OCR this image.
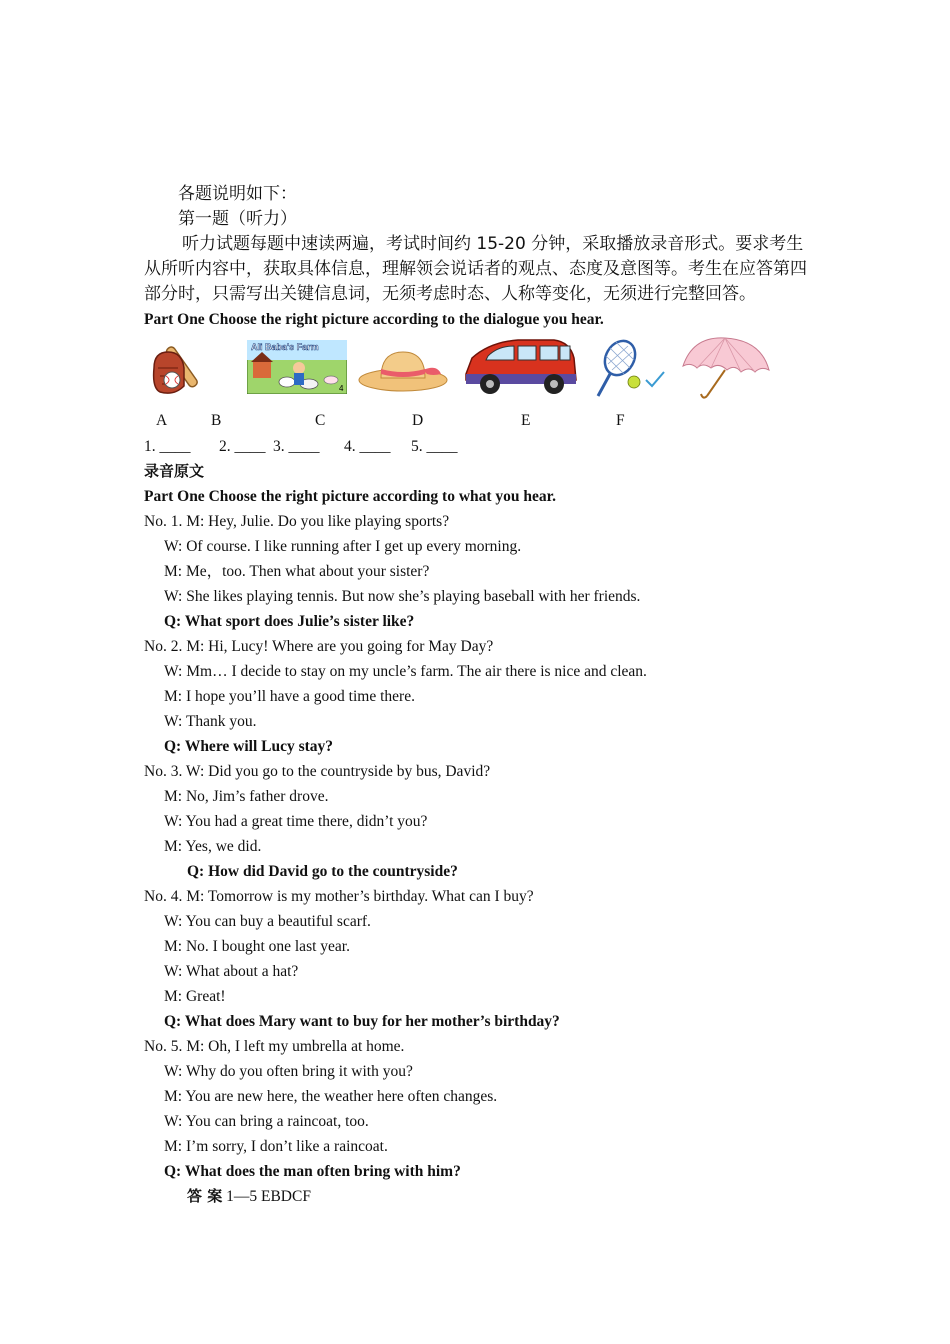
各题说明如下：
第一题（听力）
听力试题每题中速读两遍，考试时间约 15-20 分钟，采取播放录音形式。要求考生从所听内容中，获取具体信息，理解领会说话者的观点、态度及意图等。考生在应答第四部分时，只需写出关键信息词，无须考虑时态、人称等变化，无须进行完整回答。
Part One Choose the right picture according to the dialogue you hear.
Ali Baba's Farm
4
A	B	C	D	E	F
1. ____ 2. ____ 3. ____ 4. ____ 5. ____
录音原文
Part One Choose the right picture according to what you hear.
No. 1. M: Hey, Julie. Do you like playing sports?
W: Of course. I like running after I get up every morning.
M: Me，too. Then what about your sister?
W: She likes playing tennis. But now she’s playing baseball with her friends.
Q: What sport does Julie’s sister like?
No. 2. M: Hi, Lucy! Where are you going for May Day?
W: Mm… I decide to stay on my uncle’s farm. The air there is nice and clean.
M: I hope you’ll have a good time there.
W: Thank you.
Q: Where will Lucy stay?
No. 3. W: Did you go to the countryside by bus, David?
M: No, Jim’s father drove.
W: You had a great time there, didn’t you?
M: Yes, we did.
Q: How did David go to the countryside?
No. 4. M: Tomorrow is my mother’s birthday. What can I buy?
W: You can buy a beautiful scarf.
M: No. I bought one last year.
W: What about a hat?
M: Great!
Q: What does Mary want to buy for her mother’s birthday?
No. 5. M: Oh, I left my umbrella at home.
W: Why do you often bring it with you?
M: You are new here, the weather here often changes.
W: You can bring a raincoat, too.
M: I’m sorry, I don’t like a raincoat.
Q: What does the man often bring with him?
答 案 1—5 EBDCF
